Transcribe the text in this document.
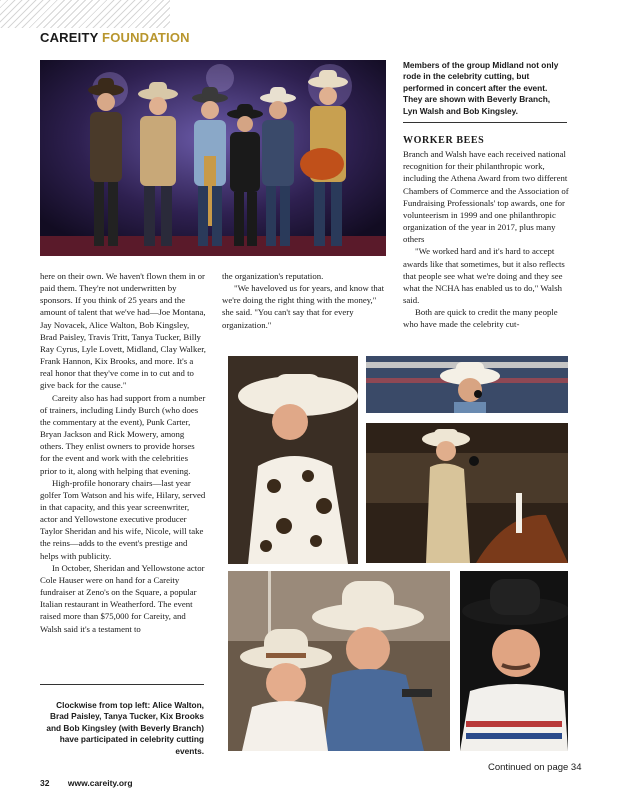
CAREITY FOUNDATION
Members of the group Midland not only rode in the celebrity cutting, but performed in concert after the event. They are shown with Beverly Branch, Lyn Walsh and Bob Kingsley.
WORKER BEES

Branch and Walsh have each received national recognition for their philanthropic work, including the Athena Award from two different Chambers of Commerce and the Association of Fundraising Professionals' top awards, one for volunteerism in 1999 and one philanthropic organization of the year in 2017, plus many others

"We worked hard and it's hard to accept awards like that sometimes, but it also reflects that people see what we're doing and they see what the NCHA has enabled us to do," Walsh said.

Both are quick to credit the many people who have made the celebrity cut-

here on their own. We haven't flown them in or paid them. They're not underwritten by sponsors. If you think of 25 years and the amount of talent that we've had—Joe Montana, Jay Novacek, Alice Walton, Bob Kingsley, Brad Paisley, Travis Tritt, Tanya Tucker, Billy Ray Cyrus, Lyle Lovett, Midland, Clay Walker, Frank Hannon, Kix Brooks, and more. It's a real honor that they've come in to cut and to give back for the cause."

Careity also has had support from a number of trainers, including Lindy Burch (who does the commentary at the event), Punk Carter, Bryan Jackson and Rick Mowery, among others. They enlist owners to provide horses for the event and work with the celebrities prior to it, along with helping that evening.

High-profile honorary chairs—last year golfer Tom Watson and his wife, Hilary, served in that capacity, and this year screenwriter, actor and Yellowstone executive producer Taylor Sheridan and his wife, Nicole, will take the reins—adds to the event's prestige and helps with publicity.

In October, Sheridan and Yellowstone actor Cole Hauser were on hand for a Careity fundraiser at Zeno's on the Square, a popular Italian restaurant in Weatherford. The event raised more than $75,000 for Careity, and Walsh said it's a testament to

the organization's reputation.

"We haveloved us for years, and know that we're doing the right thing with the money," she said. "You can't say that for every organization."

Clockwise from top left: Alice Walton, Brad Paisley, Tanya Tucker, Kix Brooks and Bob Kingsley (with Beverly Branch) have participated in celebrity cutting events.
32 www.careity.org
Continued on page 34
